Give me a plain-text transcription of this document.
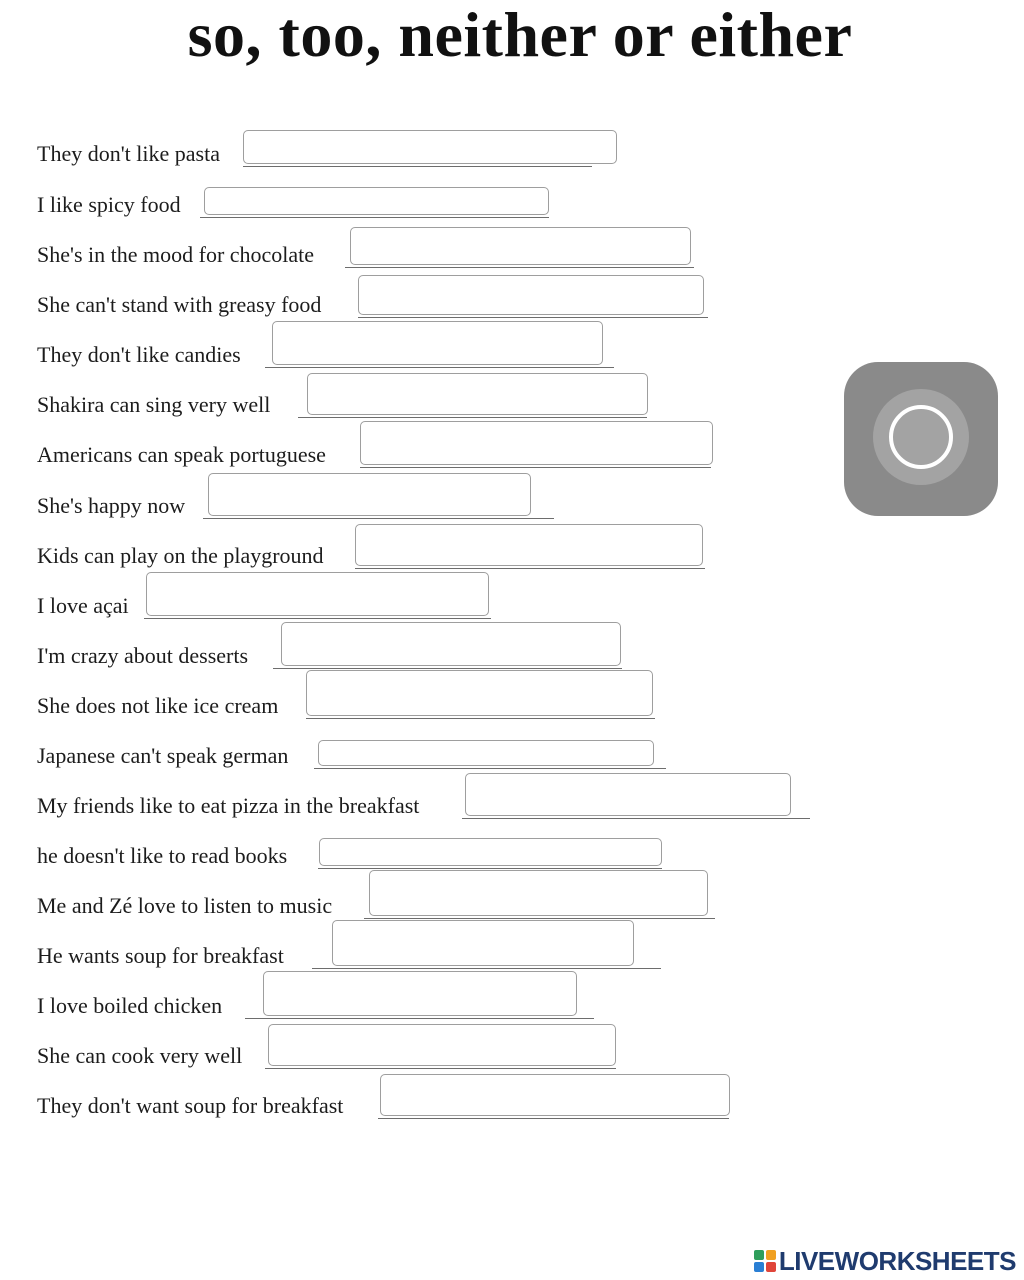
so, too, neither or either
They don't like pasta
I like spicy food
She's in the mood for chocolate
She can't stand with greasy food
They don't like candies
Shakira can sing very well
Americans can speak portuguese
She's happy now
Kids can play on the playground
I love açai
I'm crazy about desserts
She does not like ice cream
Japanese can't speak german
My friends like to eat pizza in the breakfast
he doesn't like to read books
Me and Zé love to listen to music
He wants soup for breakfast
I love boiled chicken
She can cook very well
They don't want soup for breakfast
LIVEWORKSHEETS
